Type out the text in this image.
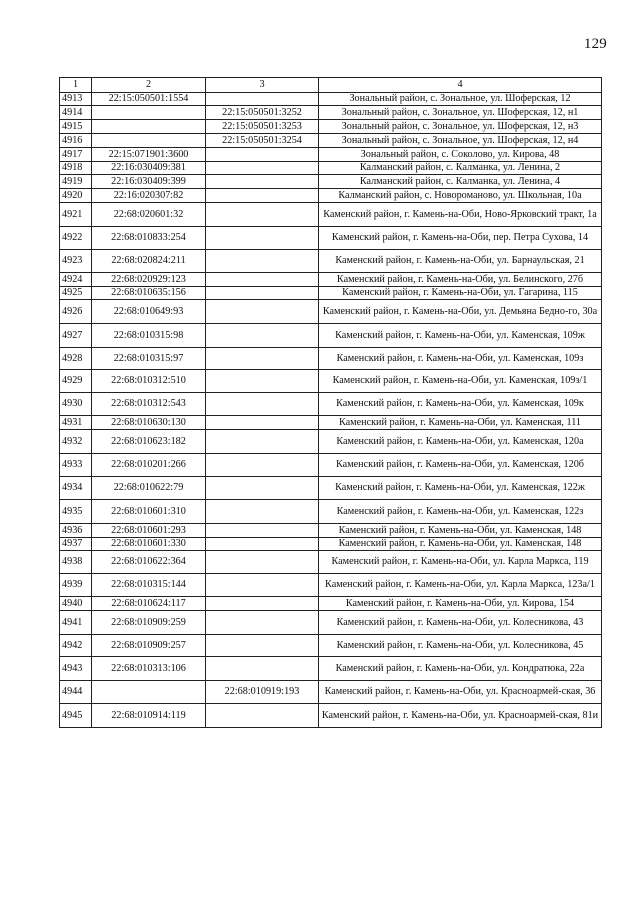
129
1	2	3	4
4913	22:15:050501:1554		Зональный район, с. Зональное, ул. Шоферская, 12
4914		22:15:050501:3252	Зональный район, с. Зональное, ул. Шоферская, 12, н1
4915		22:15:050501:3253	Зональный район, с. Зональное, ул. Шоферская, 12, н3
4916		22:15:050501:3254	Зональный район, с. Зональное, ул. Шоферская, 12, н4
4917	22:15:071901:3600		Зональный район, с. Соколово, ул. Кирова, 48
4918	22:16:030409:381		Калманский район, с. Калманка, ул. Ленина, 2
4919	22:16:030409:399		Калманский район, с. Калманка, ул. Ленина, 4
4920	22:16:020307:82		Калманский район, с. Новороманово, ул. Школьная, 10а
4921	22:68:020601:32		Каменский район, г. Камень-на-Оби, Ново-Ярковский тракт, 1а
4922	22:68:010833:254		Каменский район, г. Камень-на-Оби, пер. Петра Сухова, 14
4923	22:68:020824:211		Каменский район, г. Камень-на-Оби, ул. Барнаульская, 21
4924	22:68:020929:123		Каменский район, г. Камень-на-Оби, ул. Белинского, 27б
4925	22:68:010635:156		Каменский район, г. Камень-на-Оби, ул. Гагарина, 115
4926	22:68:010649:93		Каменский район, г. Камень-на-Оби, ул. Демьяна Бедно-го, 30а
4927	22:68:010315:98		Каменский район, г. Камень-на-Оби, ул. Каменская, 109ж
4928	22:68:010315:97		Каменский район, г. Камень-на-Оби, ул. Каменская, 109з
4929	22:68:010312:510		Каменский район, г. Камень-на-Оби, ул. Каменская, 109з/1
4930	22:68:010312:543		Каменский район, г. Камень-на-Оби, ул. Каменская, 109к
4931	22:68:010630:130		Каменский район, г. Камень-на-Оби, ул. Каменская, 111
4932	22:68:010623:182		Каменский район, г. Камень-на-Оби, ул. Каменская, 120а
4933	22:68:010201:266		Каменский район, г. Камень-на-Оби, ул. Каменская, 120б
4934	22:68:010622:79		Каменский район, г. Камень-на-Оби, ул. Каменская, 122ж
4935	22:68:010601:310		Каменский район, г. Камень-на-Оби, ул. Каменская, 122з
4936	22:68:010601:293		Каменский район, г. Камень-на-Оби, ул. Каменская, 148
4937	22:68:010601:330		Каменский район, г. Камень-на-Оби, ул. Каменская, 148
4938	22:68:010622:364		Каменский район, г. Камень-на-Оби, ул. Карла Маркса, 119
4939	22:68:010315:144		Каменский район, г. Камень-на-Оби, ул. Карла Маркса, 123а/1
4940	22:68:010624:117		Каменский район, г. Камень-на-Оби, ул. Кирова, 154
4941	22:68:010909:259		Каменский район, г. Камень-на-Оби, ул. Колесникова, 43
4942	22:68:010909:257		Каменский район, г. Камень-на-Оби, ул. Колесникова, 45
4943	22:68:010313:106		Каменский район, г. Камень-на-Оби, ул. Кондратюка, 22а
4944		22:68:010919:193	Каменский район, г. Камень-на-Оби, ул. Красноармей-ская, 36
4945	22:68:010914:119		Каменский район, г. Камень-на-Оби, ул. Красноармей-ская, 81и
